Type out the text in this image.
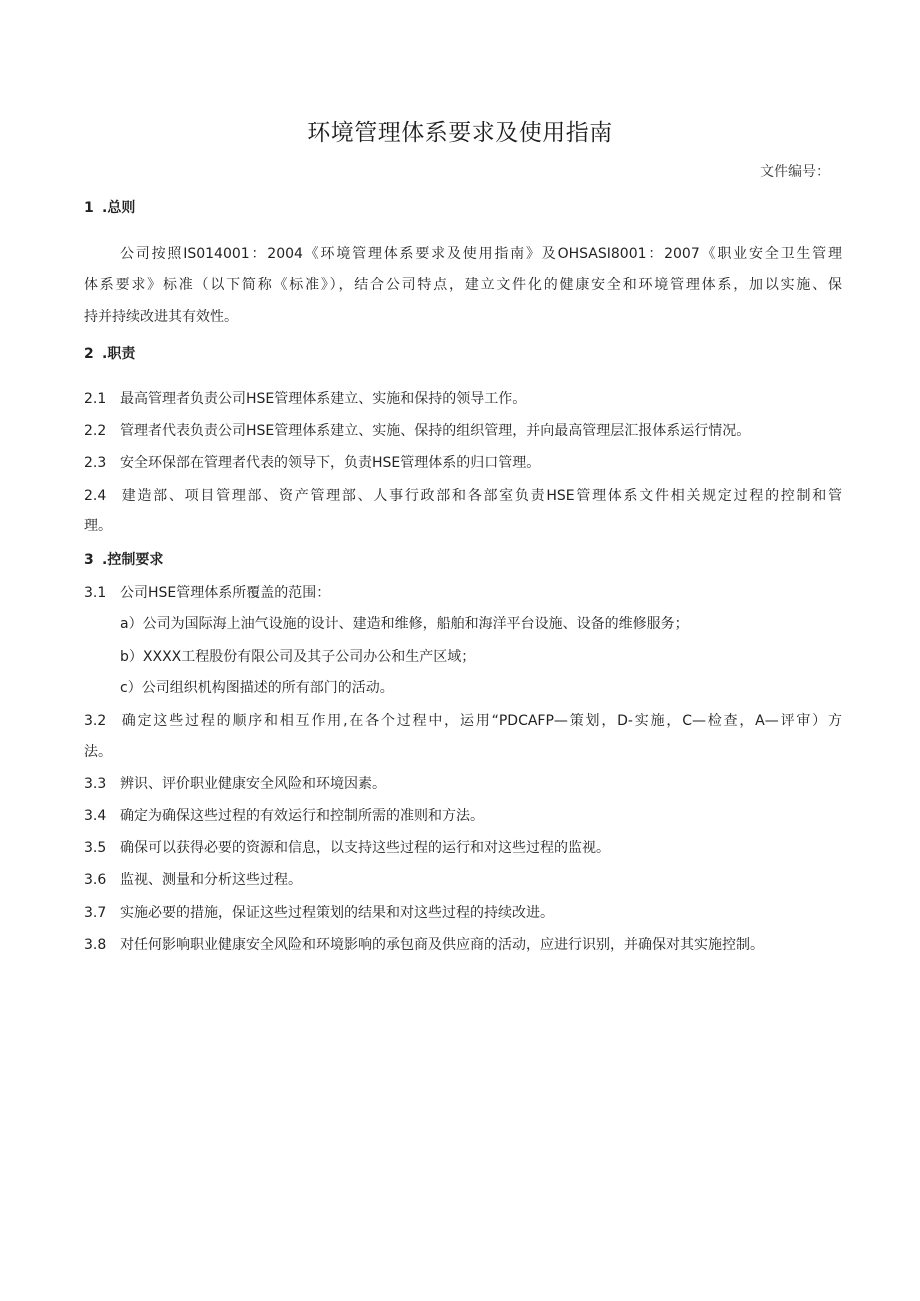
环境管理体系要求及使用指南
文件编号：
1 .总则
公司按照IS014001：2004《环境管理体系要求及使用指南》及OHSASI8001：2007《职业安全卫生管理
体系要求》标准（以下简称《标准》），结合公司特点，建立文件化的健康安全和环境管理体系，加以实施、保
持并持续改进其有效性。
2 .职责
2.1 最高管理者负责公司HSE管理体系建立、实施和保持的领导工作。
2.2 管理者代表负责公司HSE管理体系建立、实施、保持的组织管理，并向最高管理层汇报体系运行情况。
2.3 安全环保部在管理者代表的领导下，负责HSE管理体系的归口管理。
2.4 建造部、项目管理部、资产管理部、人事行政部和各部室负责HSE管理体系文件相关规定过程的控制和管
理。
3 .控制要求
3.1 公司HSE管理体系所覆盖的范围：
a）公司为国际海上油气设施的设计、建造和维修，船舶和海洋平台设施、设备的维修服务；
b）XXXX工程股份有限公司及其子公司办公和生产区域；
c）公司组织机构图描述的所有部门的活动。
3.2 确定这些过程的顺序和相互作用,在各个过程中，运用“PDCAFP—策划，D-实施，C—检查，A—评审）方
法。
3.3 辨识、评价职业健康安全风险和环境因素。
3.4 确定为确保这些过程的有效运行和控制所需的准则和方法。
3.5 确保可以获得必要的资源和信息，以支持这些过程的运行和对这些过程的监视。
3.6 监视、测量和分析这些过程。
3.7 实施必要的措施，保证这些过程策划的结果和对这些过程的持续改进。
3.8 对任何影响职业健康安全风险和环境影响的承包商及供应商的活动，应进行识别，并确保对其实施控制。
